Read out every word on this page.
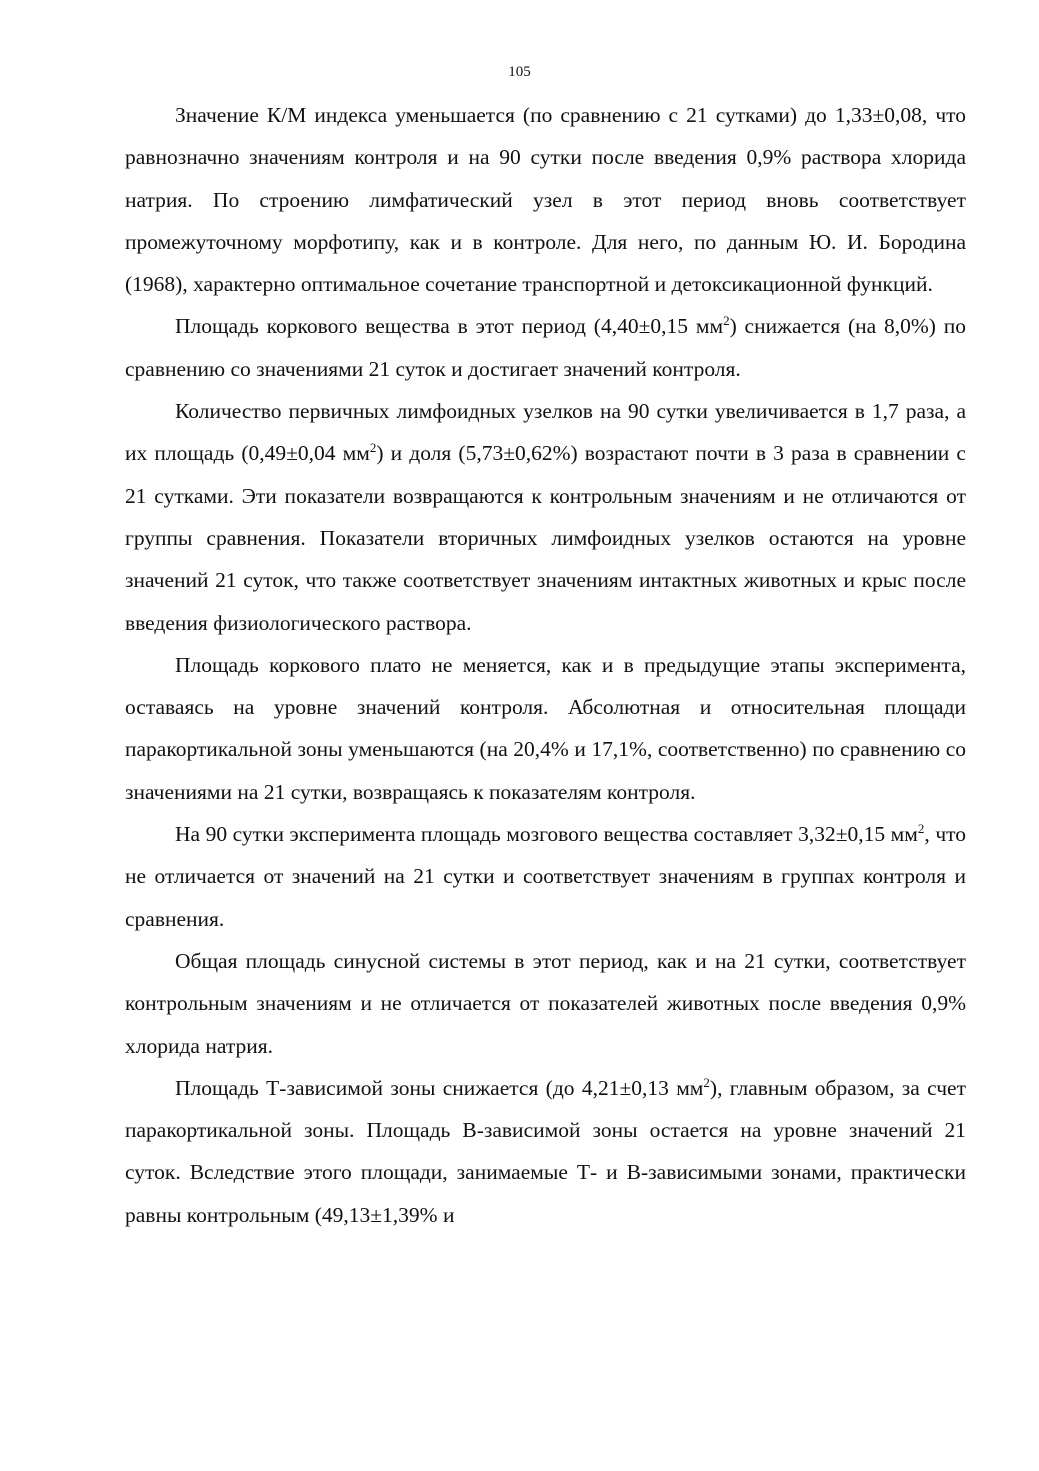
105

Значение К/М индекса уменьшается (по сравнению с 21 сутками) до 1,33±0,08, что равнозначно значениям контроля и на 90 сутки после введения 0,9% раствора хлорида натрия. По строению лимфатический узел в этот период вновь соответствует промежуточному морфотипу, как и в контроле. Для него, по данным Ю. И. Бородина (1968), характерно оптимальное сочетание транспортной и детоксикационной функций.

Площадь коркового вещества в этот период (4,40±0,15 $мм^2$) снижается (на 8,0%) по сравнению со значениями 21 суток и достигает значений контроля.

Количество первичных лимфоидных узелков на 90 сутки увеличивается в 1,7 раза, а их площадь (0,49±0,04 $мм^2$) и доля (5,73±0,62%) возрастают почти в 3 раза в сравнении с 21 сутками. Эти показатели возвращаются к контрольным значениям и не отличаются от группы сравнения. Показатели вторичных лимфоидных узелков остаются на уровне значений 21 суток, что также соответствует значениям интактных животных и крыс после введения физиологического раствора.

Площадь коркового плато не меняется, как и в предыдущие этапы эксперимента, оставаясь на уровне значений контроля. Абсолютная и относительная площади паракортикальной зоны уменьшаются (на 20,4% и 17,1%, соответственно) по сравнению со значениями на 21 сутки, возвращаясь к показателям контроля.

На 90 сутки эксперимента площадь мозгового вещества составляет 3,32±0,15 $мм^2$, что не отличается от значений на 21 сутки и соответствует значениям в группах контроля и сравнения.

Общая площадь синусной системы в этот период, как и на 21 сутки, соответствует контрольным значениям и не отличается от показателей животных после введения 0,9% хлорида натрия.

Площадь Т-зависимой зоны снижается (до 4,21±0,13 $мм^2$), главным образом, за счет паракортикальной зоны. Площадь В-зависимой зоны остается на уровне значений 21 суток. Вследствие этого площади, занимаемые Т- и В-зависимыми зонами, практически равны контрольным (49,13±1,39% и
